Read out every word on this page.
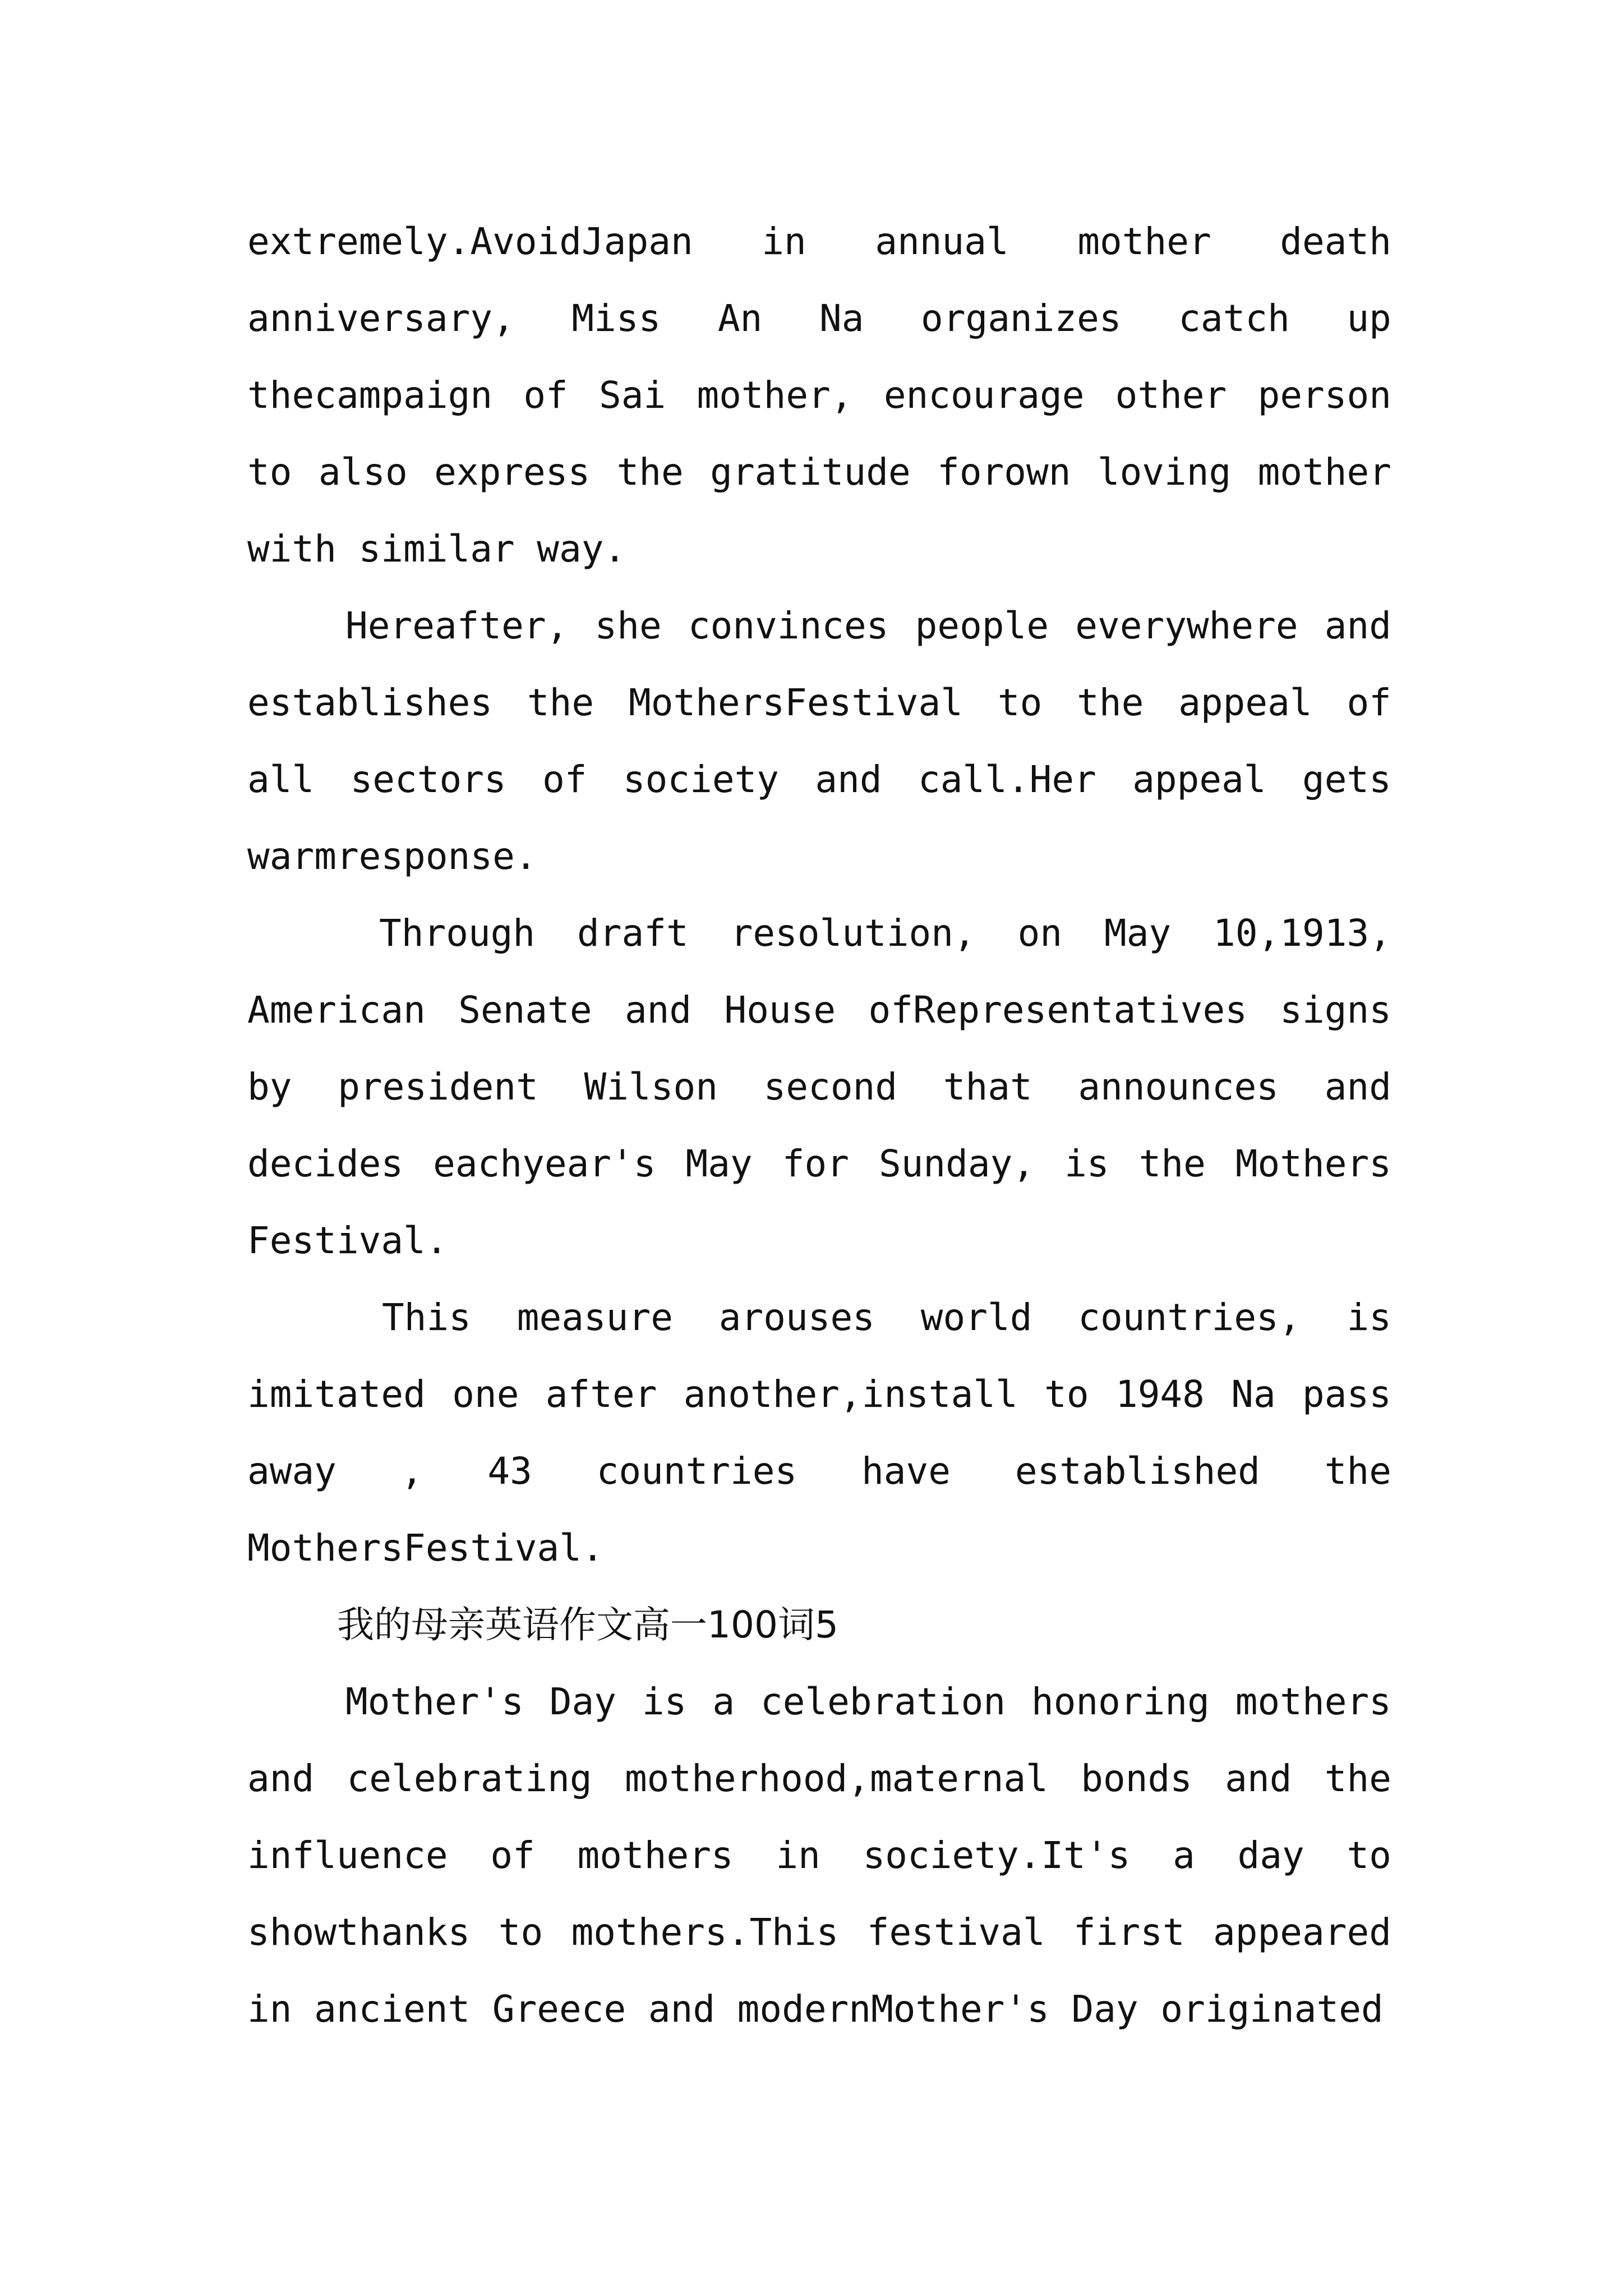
extremely.AvoidJapan in annual mother death
anniversary, Miss An Na organizes catch up
thecampaign of Sai mother, encourage other person
to also express the gratitude forown loving mother
with similar way.
Hereafter, she convinces people everywhere and
establishes the MothersFestival to the appeal of
all sectors of society and call.Her appeal gets
warmresponse.
Through draft resolution, on May 10,1913,
American Senate and House ofRepresentatives signs
by president Wilson second that announces and
decides eachyear's May for Sunday, is the Mothers
Festival.
This measure arouses world countries, is
imitated one after another,install to 1948 Na pass
away , 43 countries have established the
MothersFestival.
我的母亲英语作文高一100词5
Mother's Day is a celebration honoring mothers
and celebrating motherhood,maternal bonds and the
influence of mothers in society.It's a day to
showthanks to mothers.This festival first appeared
in ancient Greece and modernMother's Day originated
